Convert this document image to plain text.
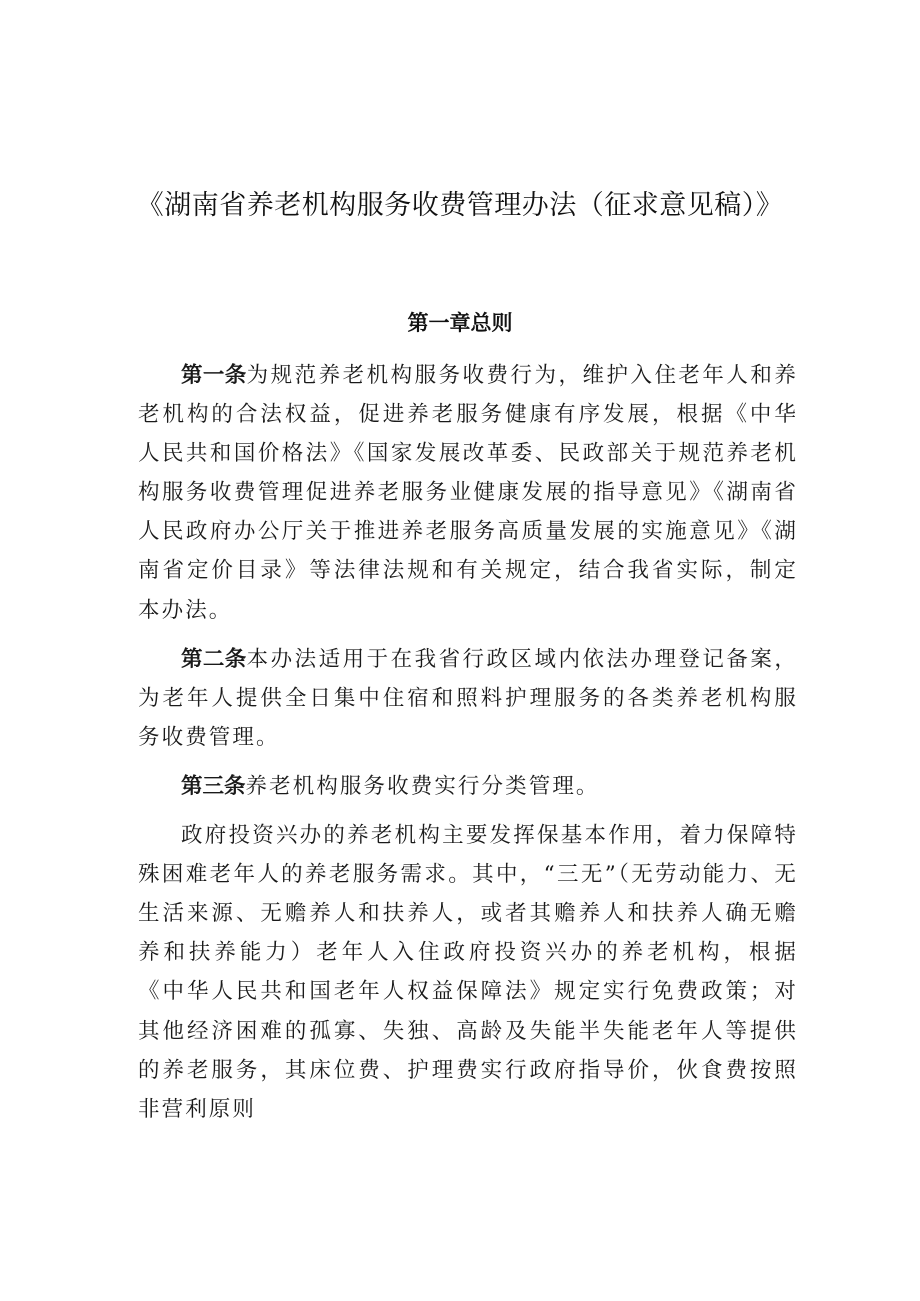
《湖南省养老机构服务收费管理办法（征求意见稿）》
第一章总则

第一条为规范养老机构服务收费行为，维护入住老年人和养老机构的合法权益，促进养老服务健康有序发展，根据《中华人民共和国价格法》《国家发展改革委、民政部关于规范养老机构服务收费管理促进养老服务业健康发展的指导意见》《湖南省人民政府办公厅关于推进养老服务高质量发展的实施意见》《湖南省定价目录》等法律法规和有关规定，结合我省实际，制定本办法。

第二条本办法适用于在我省行政区域内依法办理登记备案，为老年人提供全日集中住宿和照料护理服务的各类养老机构服务收费管理。

第三条养老机构服务收费实行分类管理。

政府投资兴办的养老机构主要发挥保基本作用，着力保障特殊困难老年人的养老服务需求。其中，“三无”（无劳动能力、无生活来源、无赡养人和扶养人，或者其赡养人和扶养人确无赡养和扶养能力）老年人入住政府投资兴办的养老机构，根据《中华人民共和国老年人权益保障法》规定实行免费政策；对其他经济困难的孤寡、失独、高龄及失能半失能老年人等提供的养老服务，其床位费、护理费实行政府指导价，伙食费按照非营利原则
